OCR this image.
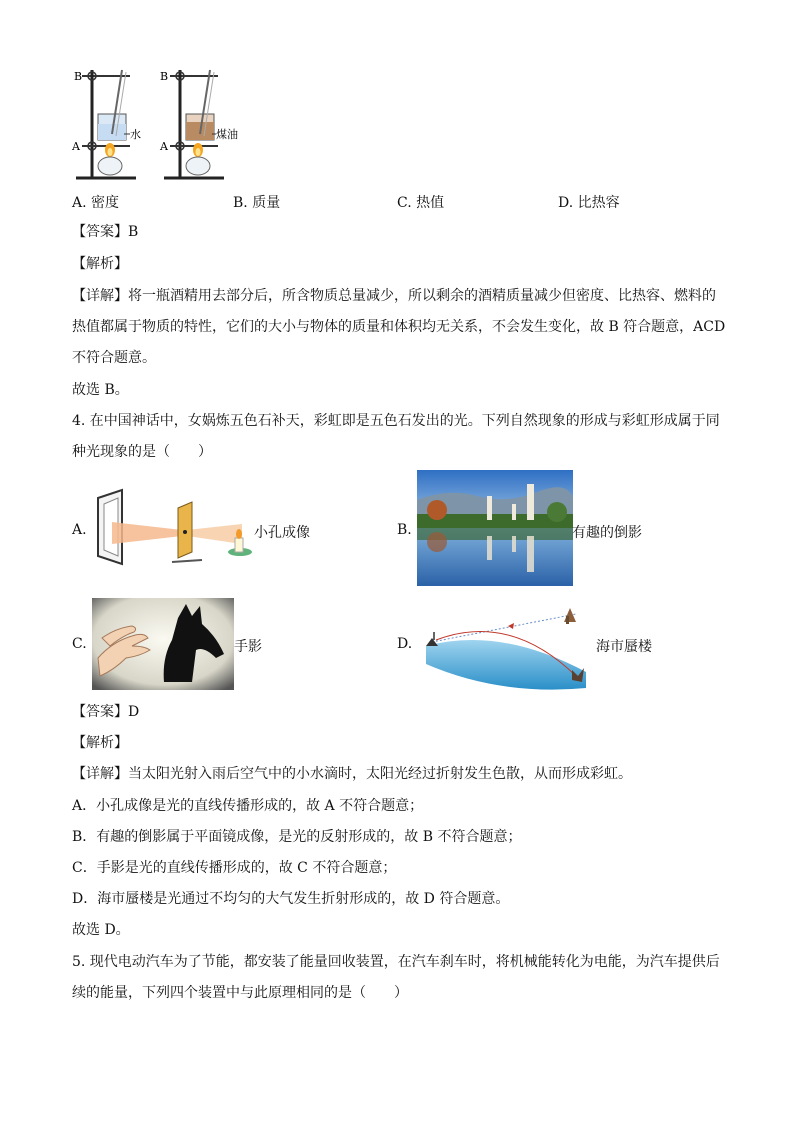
B
A
水
B
A
煤油
A. 密度	B. 质量	C. 热值	D. 比热容
【答案】B
【解析】
【详解】将一瓶酒精用去部分后，所含物质总量减少，所以剩余的酒精质量减少但密度、比热容、燃料的
热值都属于物质的特性，它们的大小与物体的质量和体积均无关系，不会发生变化，故 B 符合题意，ACD
不符合题意。
故选 B。
4. 在中国神话中，女娲炼五色石补天，彩虹即是五色石发出的光。下列自然现象的形成与彩虹形成属于同
种光现象的是（　　）
A.	小孔成像	B.	有趣的倒影
C.	手影	D.	海市蜃楼
【答案】D
【解析】
【详解】当太阳光射入雨后空气中的小水滴时，太阳光经过折射发生色散，从而形成彩虹。
A．小孔成像是光的直线传播形成的，故 A 不符合题意；
B．有趣的倒影属于平面镜成像，是光的反射形成的，故 B 不符合题意；
C．手影是光的直线传播形成的，故 C 不符合题意；
D．海市蜃楼是光通过不均匀的大气发生折射形成的，故 D 符合题意。
故选 D。
5. 现代电动汽车为了节能，都安装了能量回收装置，在汽车刹车时，将机械能转化为电能，为汽车提供后
续的能量，下列四个装置中与此原理相同的是（　　）
